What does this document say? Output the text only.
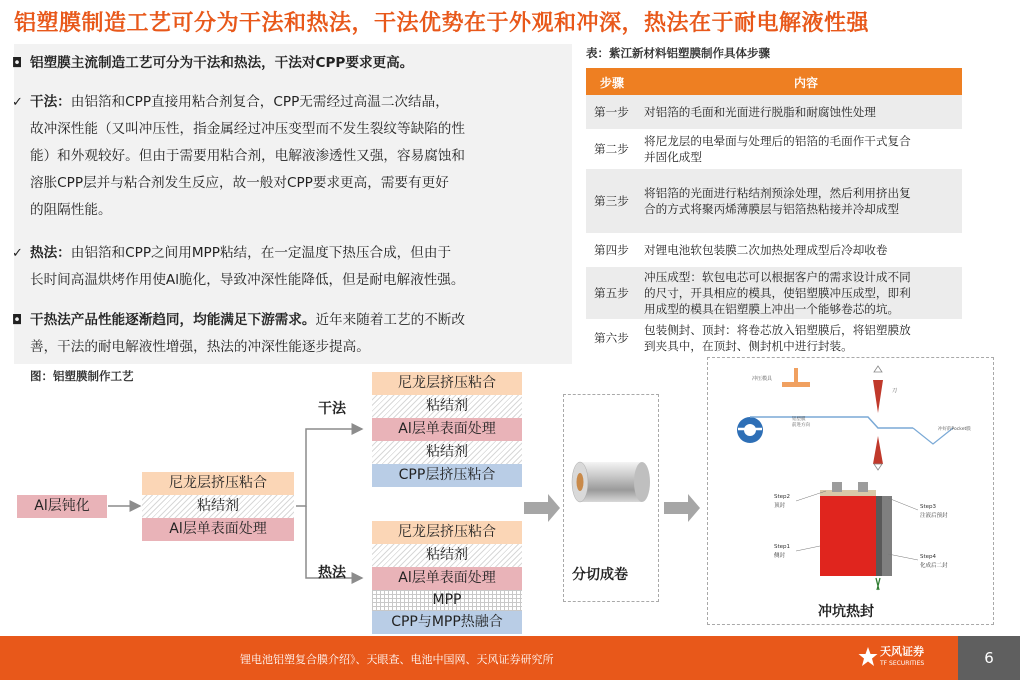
铝塑膜制造工艺可分为干法和热法，干法优势在于外观和冲深，热法在于耐电解液性强
◘ 铝塑膜主流制造工艺可分为干法和热法，干法对CPP要求更高。
✓ 干法：由铝箔和CPP直接用粘合剂复合，CPP无需经过高温二次结晶，
故冲深性能（又叫冲压性，指金属经过冲压变型而不发生裂纹等缺陷的性
能）和外观较好。但由于需要用粘合剂，电解液渗透性又强，容易腐蚀和
溶胀CPP层并与粘合剂发生反应，故一般对CPP要求更高，需要有更好
的阻隔性能。
✓ 热法：由铝箔和CPP之间用MPP粘结，在一定温度下热压合成，但由于
长时间高温烘烤作用使Al脆化，导致冲深性能降低，但是耐电解液性强。
◘ 干热法产品性能逐渐趋同，均能满足下游需求。近年来随着工艺的不断改
善，干法的耐电解液性增强，热法的冲深性能逐步提高。
表：紫江新材料铝塑膜制作具体步骤
步骤	内容
第一步 对铝箔的毛面和光面进行脱脂和耐腐蚀性处理
第二步
将尼龙层的电晕面与处理后的铝箔的毛面作干式复合
并固化成型
第三步
将铝箔的光面进行粘结剂预涂处理，然后利用挤出复
合的方式将聚丙烯薄膜层与铝箔热粘接并冷却成型
第四步 对锂电池软包装膜二次加热处理成型后冷却收卷
第五步
冲压成型：软包电芯可以根据客户的需求设计成不同
的尺寸，开具相应的模具，使铝塑膜冲压成型，即利
用成型的模具在铝塑膜上冲出一个能够卷芯的坑。
第六步
包装侧封、顶封：将卷芯放入铝塑膜后，将铝塑膜放
到夹具中，在顶封、侧封机中进行封装。
图：铝塑膜制作工艺
Al层钝化
尼龙层挤压粘合
粘结剂
Al层单表面处理
干法
尼龙层挤压粘合
粘结剂
Al层单表面处理
粘结剂
CPP层挤压粘合
热法
尼龙层挤压粘合
粘结剂
Al层单表面处理
MPP
CPP与MPP热融合
分切成卷
冲压模具
铝塑膜
前进方向
刀
冲好的Pocket膜
Step2
顶封
Step1
侧封
Step3
注液后预封
Step4
化成后二封
冲坑热封
锂电池铝塑复合膜介绍》、天眼查、电池中国网、天风证券研究所
天风证券
TF SECURITIES	6
